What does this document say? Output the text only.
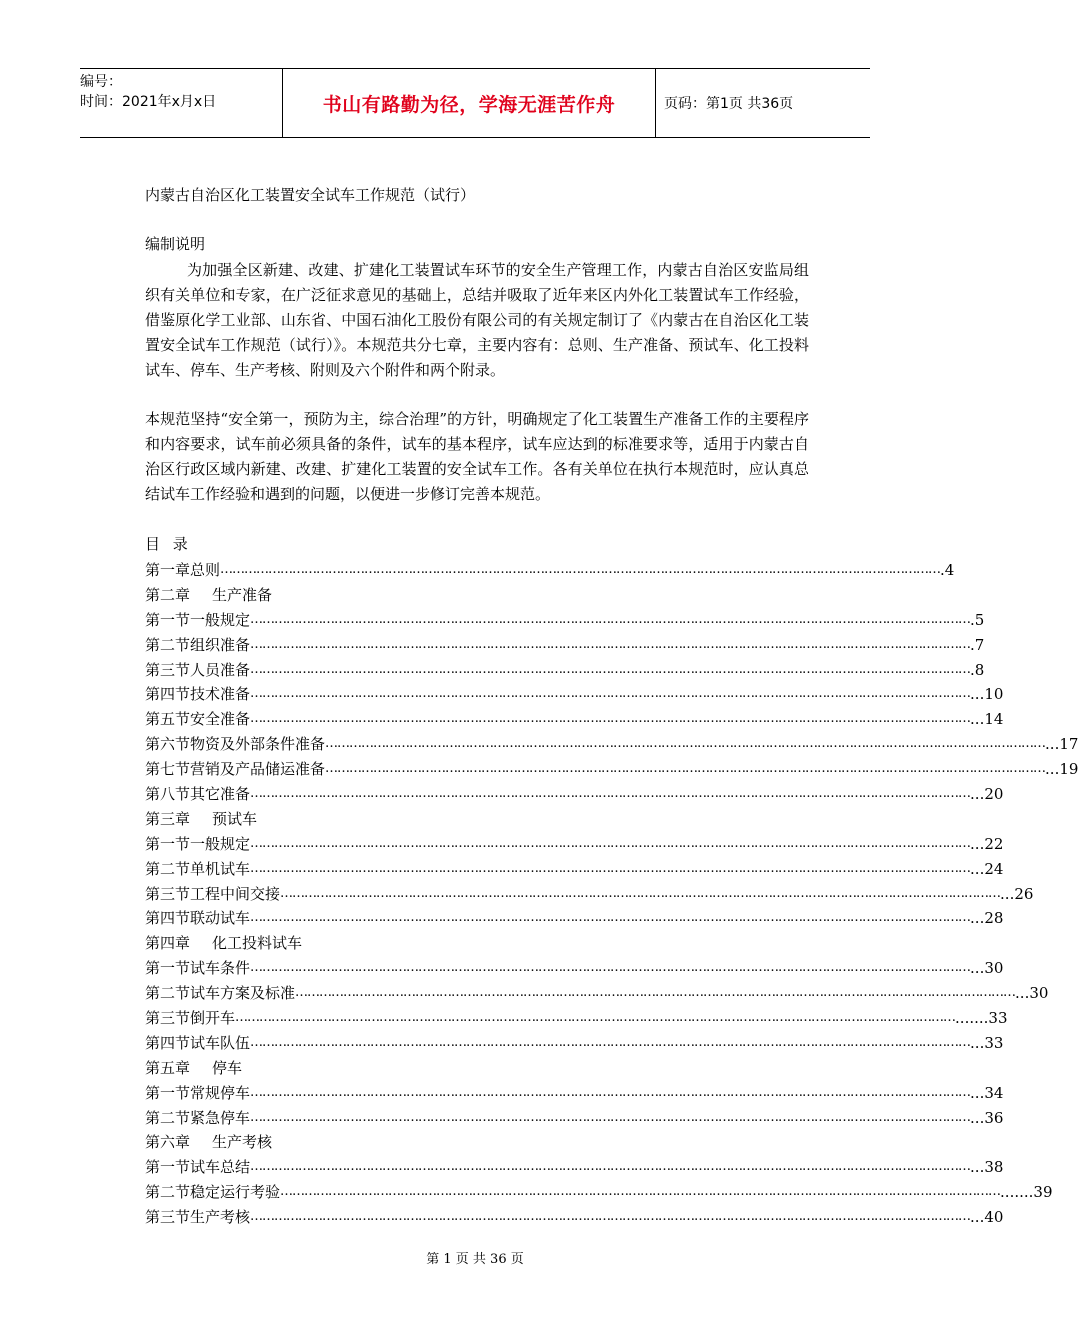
编号：
时间：2021年x月x日	书山有路勤为径，学海无涯苦作舟	页码：第1页 共36页
内蒙古自治区化工装置安全试车工作规范（试行）
编制说明

为加强全区新建、改建、扩建化工装置试车环节的安全生产管理工作，内蒙古自治区安监局组织有关单位和专家，在广泛征求意见的基础上，总结并吸取了近年来区内外化工装置试车工作经验，借鉴原化学工业部、山东省、中国石油化工股份有限公司的有关规定制订了《内蒙古在自治区化工装置安全试车工作规范（试行）》。本规范共分七章，主要内容有：总则、生产准备、预试车、化工投料试车、停车、生产考核、附则及六个附件和两个附录。

本规范坚持“安全第一，预防为主，综合治理”的方针，明确规定了化工装置生产准备工作的主要程序和内容要求，试车前必须具备的条件，试车的基本程序，试车应达到的标准要求等，适用于内蒙古自治区行政区域内新建、改建、扩建化工装置的安全试车工作。各有关单位在执行本规范时，应认真总结试车工作经验和遇到的问题，以便进一步修订完善本规范。

目 录
第一章 总则 ……………………………………………………………………………………………………………………………………………………………… .4
第二章	生产准备
第一节 一般规定 ……………………………………………………………………………………………………………………………………………………………… .5
第二节 组织准备 ……………………………………………………………………………………………………………………………………………………………… .7
第三节 人员准备 ……………………………………………………………………………………………………………………………………………………………… .8
第四节 技术准备 ……………………………………………………………………………………………………………………………………………………………… ...10
第五节 安全准备 ……………………………………………………………………………………………………………………………………………………………… ...14
第六节 物资及外部条件准备 ……………………………………………………………………………………………………………………………………………………………… ...17
第七节 营销及产品储运准备 ……………………………………………………………………………………………………………………………………………………………… ...19
第八节 其它准备 ……………………………………………………………………………………………………………………………………………………………… ...20
第三章	预试车
第一节 一般规定 ……………………………………………………………………………………………………………………………………………………………… ...22
第二节 单机试车 ……………………………………………………………………………………………………………………………………………………………… ...24
第三节 工程中间交接 ……………………………………………………………………………………………………………………………………………………………… ...26
第四节 联动试车 ……………………………………………………………………………………………………………………………………………………………… ...28
第四章	化工投料试车
第一节 试车条件 ……………………………………………………………………………………………………………………………………………………………… ...30
第二节 试车方案及标准 ……………………………………………………………………………………………………………………………………………………………… ...30
第三节 倒开车 ……………………………………………………………………………………………………………………………………………………………… .......33
第四节 试车队伍 ……………………………………………………………………………………………………………………………………………………………… ...33
第五章	停车
第一节 常规停车 ……………………………………………………………………………………………………………………………………………………………… ...34
第二节 紧急停车 ……………………………………………………………………………………………………………………………………………………………… ...36
第六章	生产考核
第一节 试车总结 ……………………………………………………………………………………………………………………………………………………………… ...38
第二节 稳定运行考验 ……………………………………………………………………………………………………………………………………………………………… .......39
第三节 生产考核 ……………………………………………………………………………………………………………………………………………………………… ...40
第 1 页 共 36 页
